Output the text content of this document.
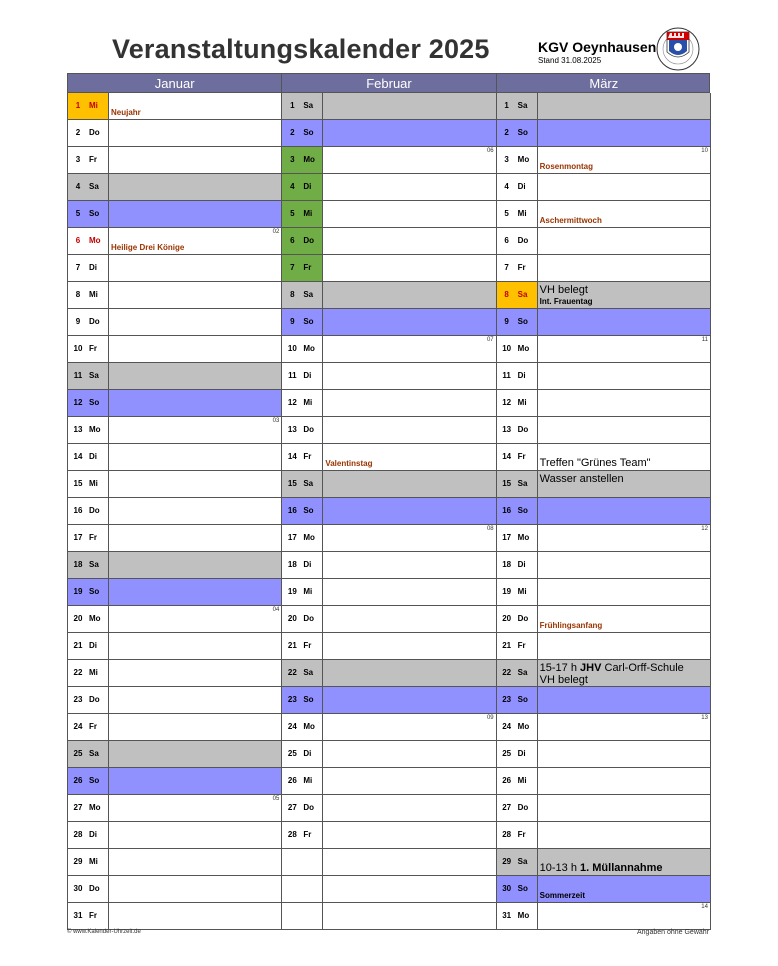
Veranstaltungskalender 2025	KGV Oeynhausen
Stand 31.08.2025
Januar	Februar	März
1	Mi
Neujahr
2	Do
3	Fr
4	Sa
5	So
6	Mo
02
Heilige Drei Könige
7	Di
8	Mi
9	Do
10 Fr
11 Sa
12 So
13 Mo
03
14 Di
15 Mi
16 Do
17 Fr
18 Sa
19 So
20 Mo
04
21 Di
22 Mi
23 Do
24 Fr
25 Sa
26 So
27 Mo
05
28 Di
29 Mi
30 Do
31 Fr
1	Sa
2	So
3	Mo
06
4	Di
5	Mi
6	Do
7	Fr
8	Sa
9	So
10 Mo
07
11 Di
12 Mi
13 Do
14 Fr
Valentinstag
15 Sa
16 So
17 Mo
08
18 Di
19 Mi
20 Do
21 Fr
22 Sa
23 So
24 Mo
09
25 Di
26 Mi
27 Do
28 Fr
1	Sa
2	So
3	Mo
10
Rosenmontag
4	Di
5	Mi
Aschermittwoch
6	Do
7	Fr
8	Sa
Int. Frauentag
VH belegt
9	So
10 Mo
11
11 Di
12 Mi
13 Do
14 Fr
Treffen "Grünes Team"
15 Sa	Wasser anstellen
16 So
17 Mo
12
18 Di
19 Mi
20 Do
Frühlingsanfang
21 Fr
22 Sa	15-17 h JHV Carl-Orff-Schule
VH belegt
23 So
24 Mo
13
25 Di
26 Mi
27 Do
28 Fr
29 Sa
10-13 h 1. Müllannahme
30 So
Sommerzeit
31 Mo
14
© www.Kalender-Uhrzeit.de	Angaben ohne Gewähr
